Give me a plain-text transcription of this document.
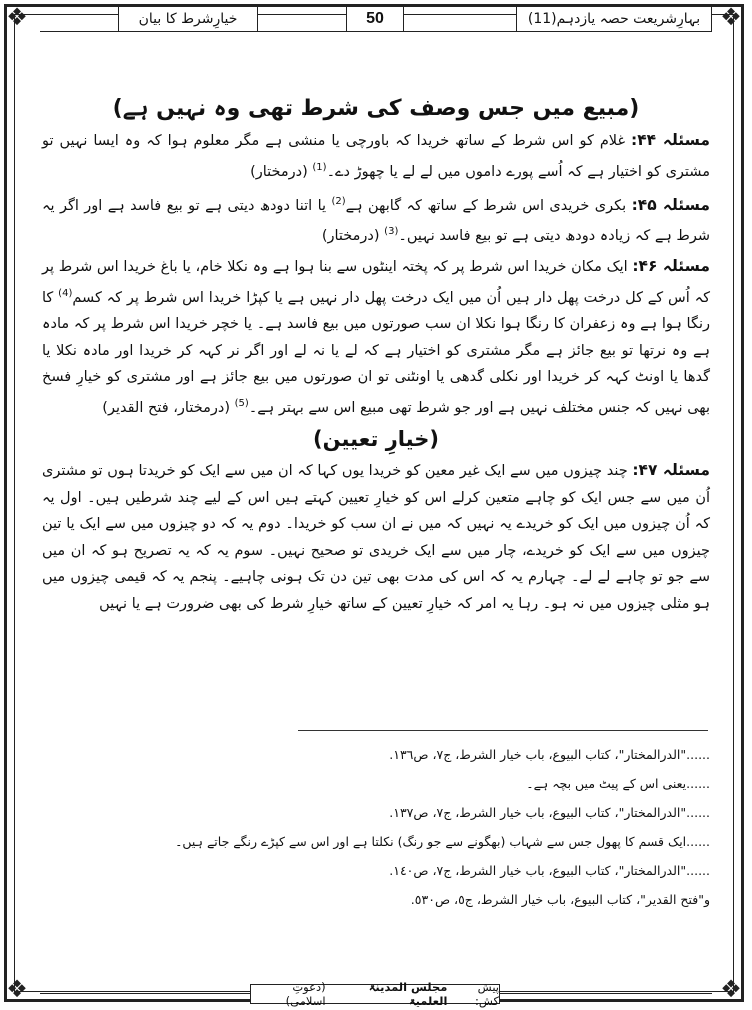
❖	❖
❖	❖
بہارِشریعت حصہ یازدہم(11)
50
خیارِشرط کا بیان
(مبیع میں جس وصف کی شرط تھی وہ نہیں ہے)

مسئلہ ۴۴: غلام کو اس شرط کے ساتھ خریدا کہ باورچی یا منشی ہے مگر معلوم ہوا کہ وہ ایسا نہیں تو مشتری کو اختیار ہے کہ اُسے پورے داموں میں لے لے یا چھوڑ دے۔$^{(1)}$ (درمختار)

مسئلہ ۴۵: بکری خریدی اس شرط کے ساتھ کہ گابھن ہے$^{(2)}$ یا اتنا دودھ دیتی ہے تو بیع فاسد ہے اور اگر یہ شرط ہے کہ زیادہ دودھ دیتی ہے تو بیع فاسد نہیں۔$^{(3)}$ (درمختار)

مسئلہ ۴۶: ایک مکان خریدا اس شرط پر کہ پختہ اینٹوں سے بنا ہوا ہے وہ نکلا خام، یا باغ خریدا اس شرط پر کہ اُس کے کل درخت پھل دار ہیں اُن میں ایک درخت پھل دار نہیں ہے یا کپڑا خریدا اس شرط پر کہ کسم$^{(4)}$ کا رنگا ہوا ہے وہ زعفران کا رنگا ہوا نکلا ان سب صورتوں میں بیع فاسد ہے۔ یا خچر خریدا اس شرط پر کہ مادہ ہے وہ نرتھا تو بیع جائز ہے مگر مشتری کو اختیار ہے کہ لے یا نہ لے اور اگر نر کہہ کر خریدا اور مادہ نکلا یا گدھا یا اونٹ کہہ کر خریدا اور نکلی گدھی یا اونٹنی تو ان صورتوں میں بیع جائز ہے اور مشتری کو خیارِ فسخ بھی نہیں کہ جنس مختلف نہیں ہے اور جو شرط تھی مبیع اس سے بہتر ہے۔$^{(5)}$ (درمختار، فتح القدیر)

(خیارِ تعیین)

مسئلہ ۴۷: چند چیزوں میں سے ایک غیر معین کو خریدا یوں کہا کہ ان میں سے ایک کو خریدتا ہوں تو مشتری اُن میں سے جس ایک کو چاہے متعین کرلے اس کو خیارِ تعیین کہتے ہیں اس کے لیے چند شرطیں ہیں۔ اول یہ کہ اُن چیزوں میں ایک کو خریدے یہ نہیں کہ میں نے ان سب کو خریدا۔ دوم یہ کہ دو چیزوں میں سے ایک یا تین چیزوں میں سے ایک کو خریدے، چار میں سے ایک خریدی تو صحیح نہیں۔ سوم یہ کہ یہ تصریح ہو کہ ان میں سے جو تو چاہے لے لے۔ چہارم یہ کہ اس کی مدت بھی تین دن تک ہونی چاہیے۔ پنجم یہ کہ قیمی چیزوں میں ہو مثلی چیزوں میں نہ ہو۔ رہا یہ امر کہ خیارِ تعیین کے ساتھ خیارِ شرط کی بھی ضرورت ہے یا نہیں

......"الدرالمختار"، كتاب البيوع، باب خيار الشرط، ج٧، ص١٣٦.

......یعنی اس کے پیٹ میں بچہ ہے۔

......"الدرالمختار"، كتاب البيوع، باب خيار الشرط، ج٧، ص١٣٧.

......ایک قسم کا پھول جس سے شہاب (بھگونے سے جو رنگ) نکلتا ہے اور اس سے کپڑے رنگے جاتے ہیں۔

......"الدرالمختار"، كتاب البيوع، باب خيار الشرط، ج٧، ص١٤٠.

و"فتح القدير"، كتاب البيوع، باب خيار الشرط، ج٥، ص٥٣٠.

پیش کش:
مجلس المدینۃ العلمیۃ
(دعوتِ اسلامی)
